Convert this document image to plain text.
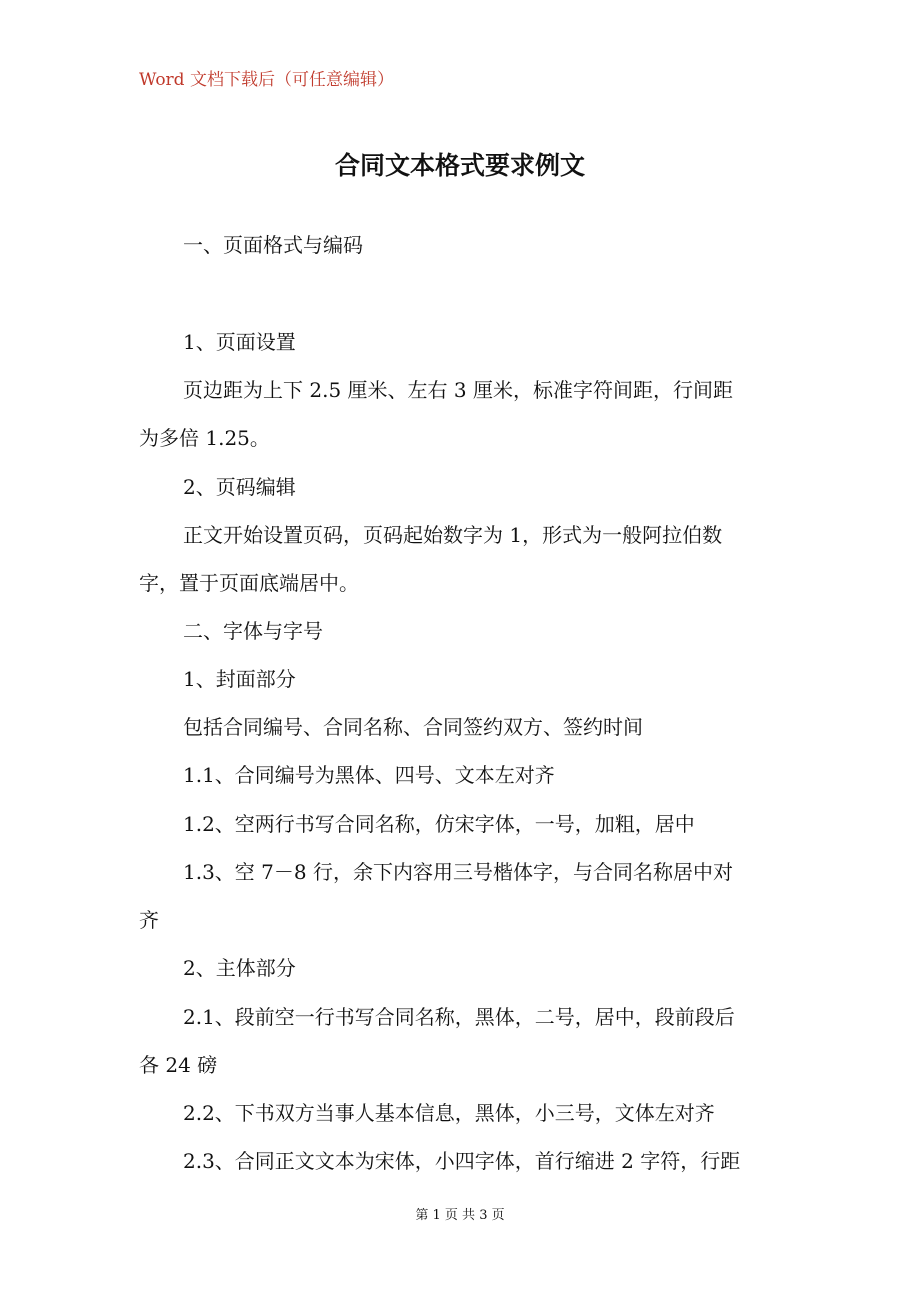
Word 文档下载后（可任意编辑）
合同文本格式要求例文
一、页面格式与编码
1、页面设置
页边距为上下 2.5 厘米、左右 3 厘米，标准字符间距，行间距
为多倍 1.25。
2、页码编辑
正文开始设置页码，页码起始数字为 1，形式为一般阿拉伯数
字，置于页面底端居中。
二、字体与字号
1、封面部分
包括合同编号、合同名称、合同签约双方、签约时间
1.1、合同编号为黑体、四号、文本左对齐
1.2、空两行书写合同名称，仿宋字体，一号，加粗，居中
1.3、空 7－8 行，余下内容用三号楷体字，与合同名称居中对
齐
2、主体部分
2.1、段前空一行书写合同名称，黑体，二号，居中，段前段后
各 24 磅
2.2、下书双方当事人基本信息，黑体，小三号，文体左对齐
2.3、合同正文文本为宋体，小四字体，首行缩进 2 字符，行距
第 1 页 共 3 页
